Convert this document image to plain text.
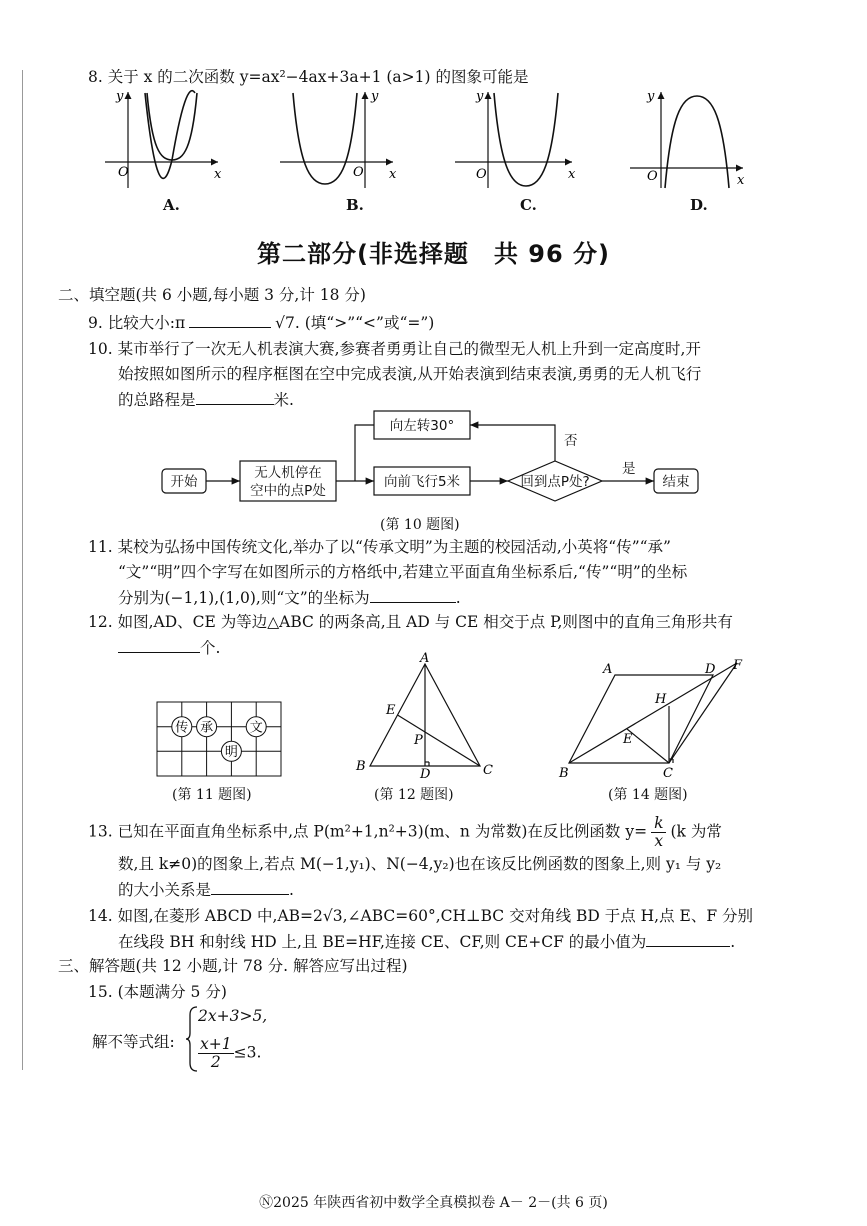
8. 关于 x 的二次函数 y=ax²−4ax+3a+1 (a>1) 的图象可能是
O	x
y
O x
y
O	x
y
O	x
y
A.	B.	C.	D.
第二部分(非选择题　共 96 分)
二、填空题(共 6 小题,每小题 3 分,计 18 分)
9. 比较大小:π	√7. (填“>”“<”或“=”)
10. 某市举行了一次无人机表演大赛,参赛者勇勇让自己的微型无人机上升到一定高度时,开
始按照如图所示的程序框图在空中完成表演,从开始表演到结束表演,勇勇的无人机飞行
的总路程是	米.
开始
无人机停在
空中的点P处
向前飞行5米	回到点P处?
是
结束
否
向左转30°
(第 10 题图)
11. 某校为弘扬中国传统文化,举办了以“传承文明”为主题的校园活动,小英将“传”“承”
“文”“明”四个字写在如图所示的方格纸中,若建立平面直角坐标系后,“传”“明”的坐标
分别为(−1,1),(1,0),则“文”的坐标为	.
12. 如图,AD、CE 为等边△ABC 的两条高,且 AD 与 CE 相交于点 P,则图中的直角三角形共有
个.
传 承	文
明
(第 11 题图)
A
B	C
D
E
P
(第 12 题图)
A	D F
H
E
B	C
(第 14 题图)
13. 已知在平面直角坐标系中,点 P(m²+1,n²+3)(m、n 为常数)在反比例函数 $y= \frac{k}{x} (k$ 为常
数,且 k≠0)的图象上,若点 M(−1,y₁)、N(−4,y₂)也在该反比例函数的图象上,则 y₁ 与 y₂
的大小关系是	.
14. 如图,在菱形 ABCD 中,AB=2√3,∠ABC=60°,CH⊥BC 交对角线 BD 于点 H,点 E、F 分别
在线段 BH 和射线 HD 上,且 BE=HF,连接 CE、CF,则 CE+CF 的最小值为	.
三、解答题(共 12 小题,计 78 分. 解答应写出过程)
15. (本题满分 5 分)
解不等式组:
2x+3>5,
$\frac{x+1}{2} \le 3$.
Ⓝ2025 年陕西省初中数学全真模拟卷 A－ 2－(共 6 页)
